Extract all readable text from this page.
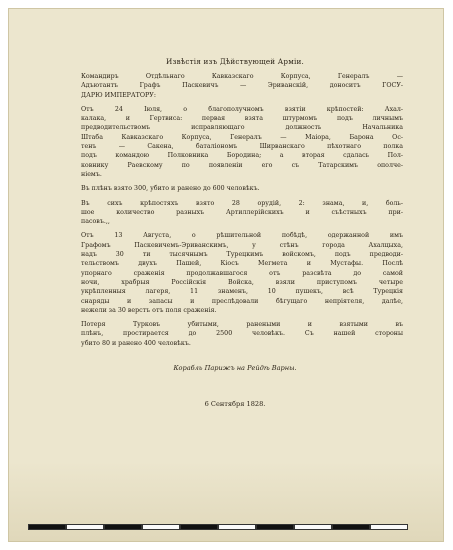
Извѣстія изъ Дѣйствующей Арміи.
Командиръ Отдѣльнаго Кавказскаго Корпуса, Генералъ —
Адъютантъ Графъ Паскевичъ — Эриванскій, доноситъ ГОСУ-
ДАРЮ ИМПЕРАТОРУ:
Отъ 24 Іюля, о благополучномъ взятіи крѣпостей: Ахал-
калака, и Гертвиса: первая взята штурмомъ подъ личнымъ
предводительствомъ исправляющаго должность Начальника
Штаба Кавказскаго Корпуса, Генералъ — Маіора, Барона Ос-
тенъ — Сакена, баталіономъ Ширванскаго пѣхотнаго полка
подъ командою Полковника Бородина; а вторая сдалась Пол-
ковнику Раевскому по появленіи его съ Татарскимъ ополче-
ніемъ.
Въ плѣнъ взято 300, убито и ранено до 600 человѣкъ.
Въ сихъ крѣпостяхъ взято 28 орудій, 2: знама, и, боль-
шое количество разныхъ Артиллерійскихъ и съѣстныхъ при-
пасовъ.,,
Отъ 13 Августа, о рѣшительной побѣдѣ, одержанной имъ
Графомъ Паскевичемъ-Эриванскимъ, у стѣнъ города Ахалцыха,
надъ 30 ти тысячнымъ Турецкимъ войскомъ, подъ предводи-
тельствомъ двухъ Пашей, Кіосъ Мегмета и Мустафы. Послѣ
упорнаго сраженія продолжавшагося отъ разсвѣта до самой
ночи, храбрыя Россійскія Войска, взяли приступомъ четыре
укрѣпленныя лагеря, 11 знаменъ, 10 пушекъ, всѣ Турецкія
снаряды и запасы и преслѣдовали бѣгущаго непріятеля, далѣе,
нежели за 30 верстъ отъ поля сраженія.
Потеря Турковъ убитыми, ранеными и взятыми въ
плѣнъ, простирается до 2500 человѣкъ. Съ нашей стороны
убито 80 и ранено 400 человѣкъ.
Корабль Парижъ на Рейдѣ Варны.
6 Сентября 1828.
